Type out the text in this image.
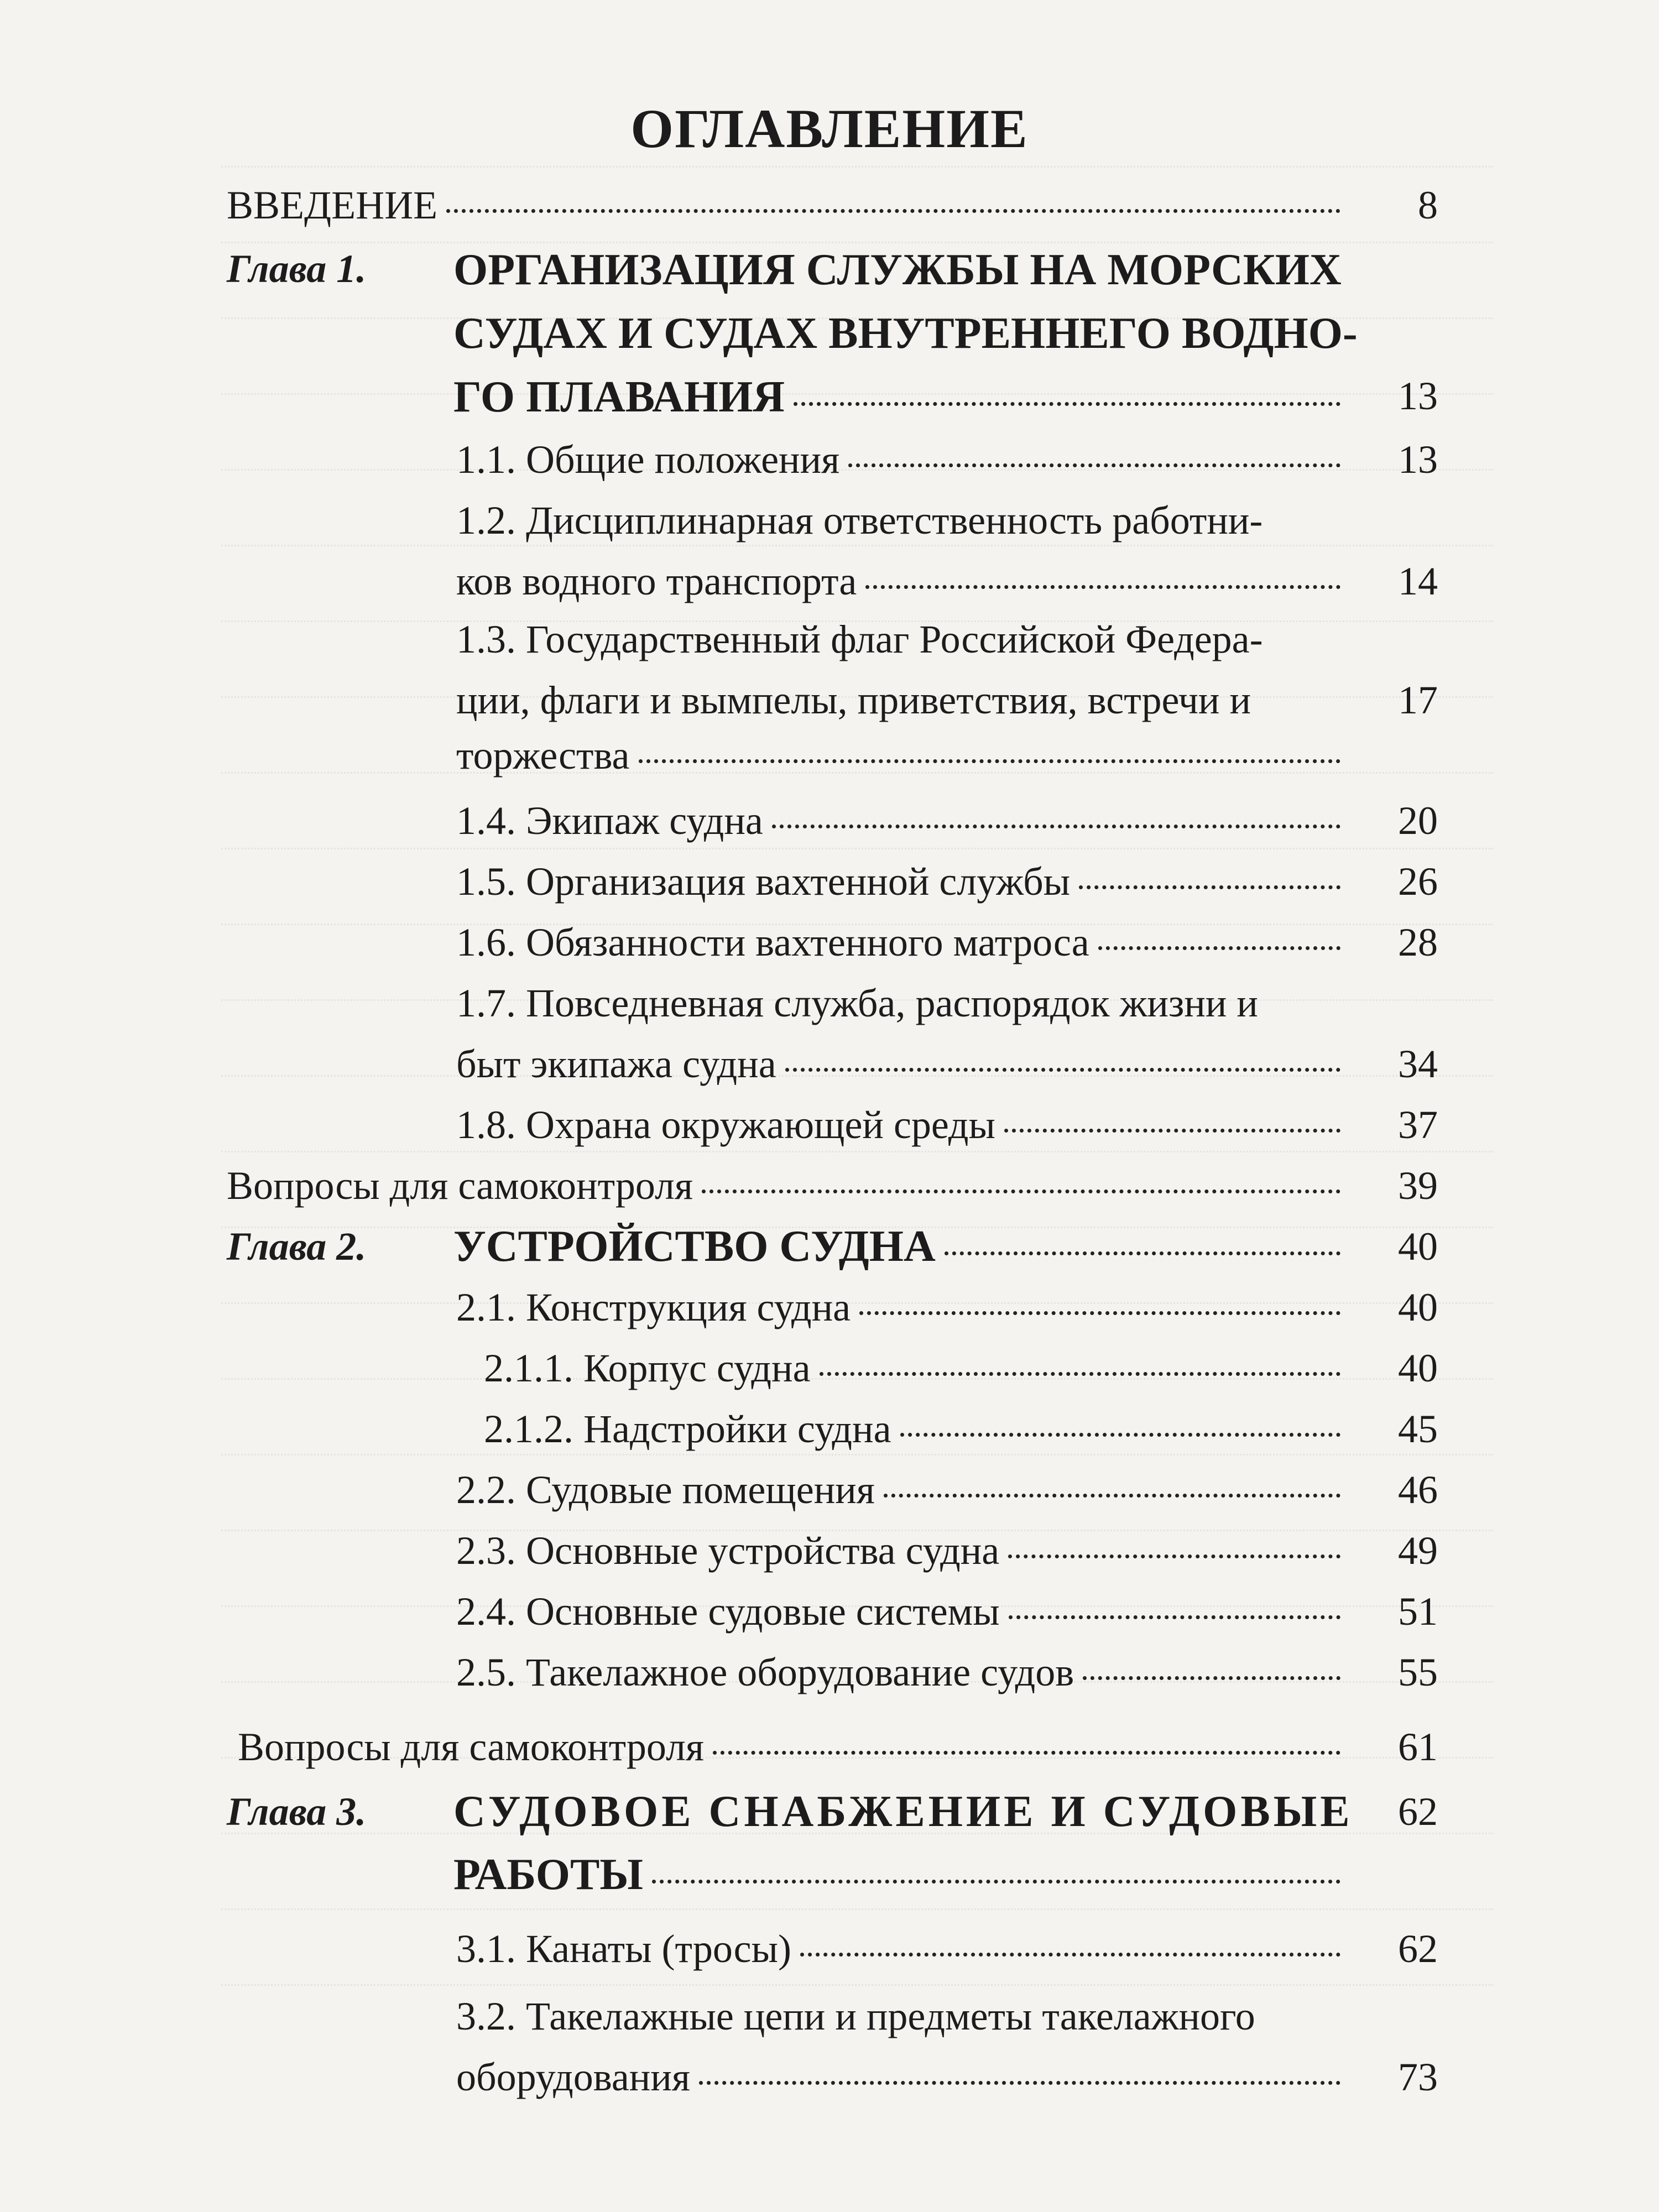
ОГЛАВЛЕНИЕ
ВВЕДЕНИЕ	8
Глава 1. ОРГАНИЗАЦИЯ СЛУЖБЫ НА МОРСКИХ
СУДАХ И СУДАХ ВНУТРЕННЕГО ВОДНО-
ГО ПЛАВАНИЯ	13
1.1. Общие положения	13
1.2. Дисциплинарная ответственность работни-
ков водного транспорта	14
1.3. Государственный флаг Российской Федера-
ции, флаги и вымпелы, приветствия, встречи и	17
торжества
1.4. Экипаж судна	20
1.5. Организация вахтенной службы	26
1.6. Обязанности вахтенного матроса	28
1.7. Повседневная служба, распорядок жизни и
быт экипажа судна	34
1.8. Охрана окружающей среды	37
Вопросы для самоконтроля	39
Глава 2. УСТРОЙСТВО СУДНА	40
2.1. Конструкция судна	40
2.1.1. Корпус судна	40
2.1.2. Надстройки судна	45
2.2. Судовые помещения	46
2.3. Основные устройства судна	49
2.4. Основные судовые системы	51
2.5. Такелажное оборудование судов	55
Вопросы для самоконтроля	61
Глава 3. СУДОВОЕ СНАБЖЕНИЕ И СУДОВЫЕ	62
РАБОТЫ
3.1. Канаты (тросы)	62
3.2. Такелажные цепи и предметы такелажного
оборудования	73
